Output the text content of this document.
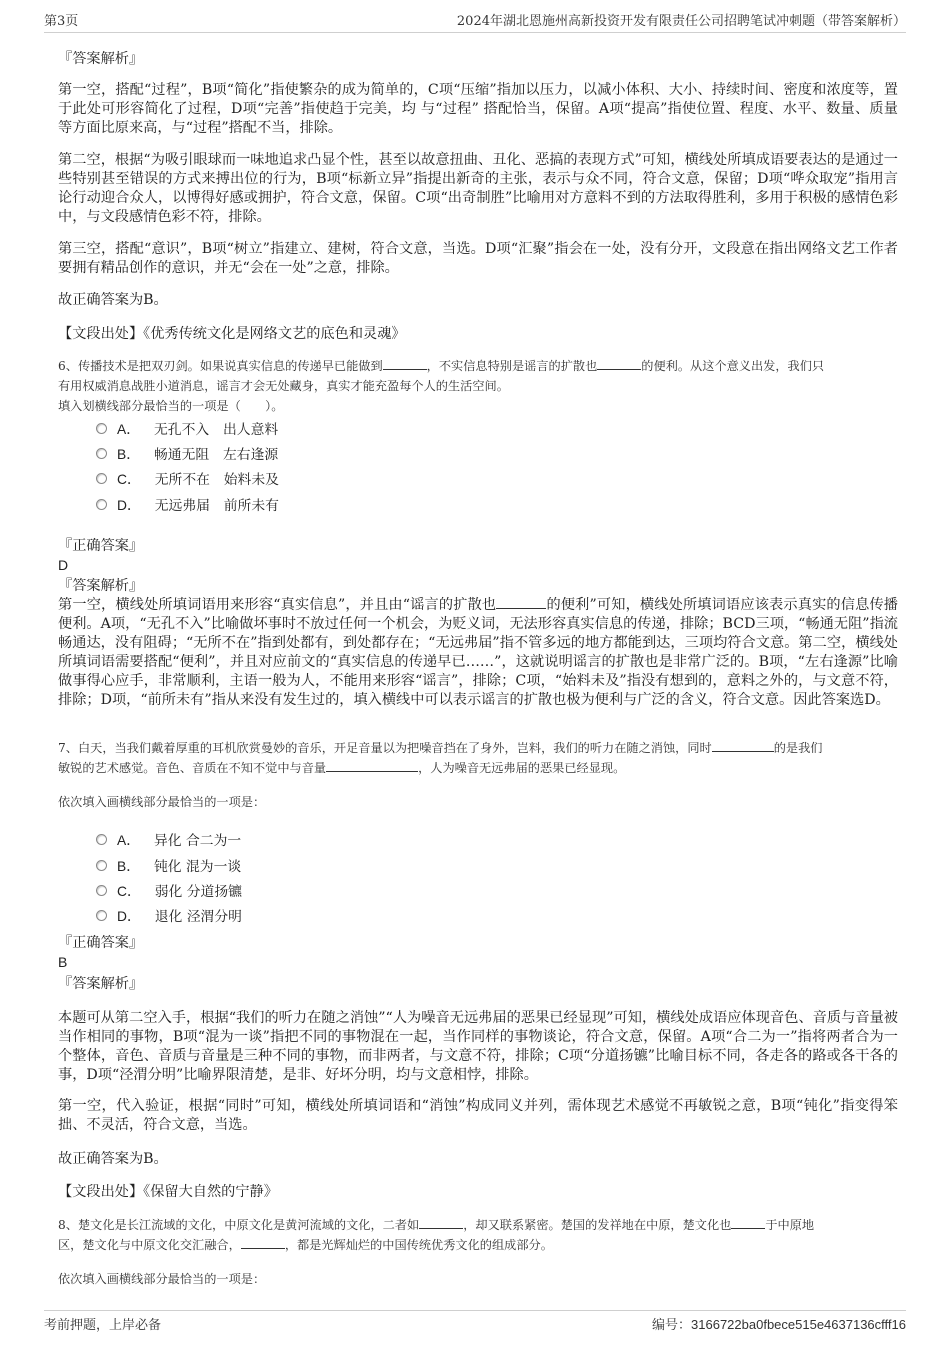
第3页	2024年湖北恩施州高新投资开发有限责任公司招聘笔试冲刺题（带答案解析）

『答案解析』

第一空，搭配“过程”，B项“简化”指使繁杂的成为简单的，C项“压缩”指加以压力，以减小体积、大小、持续时间、密度和浓度等，置于此处可形容简化了过程，D项“完善”指使趋于完美，均 与“过程” 搭配恰当，保留。A项“提高”指使位置、程度、水平、数量、质量等方面比原来高，与“过程”搭配不当，排除。

第二空，根据“为吸引眼球而一味地追求凸显个性，甚至以故意扭曲、丑化、恶搞的表现方式”可知，横线处所填成语要表达的是通过一些特别甚至错误的方式来搏出位的行为，B项“标新立异”指提出新奇的主张，表示与众不同，符合文意，保留；D项“哗众取宠”指用言论行动迎合众人，以博得好感或拥护，符合文意，保留。C项“出奇制胜”比喻用对方意料不到的方法取得胜利，多用于积极的感情色彩中，与文段感情色彩不符，排除。

第三空，搭配“意识”，B项“树立”指建立、建树，符合文意，当选。D项“汇聚”指会在一处，没有分开，文段意在指出网络文艺工作者要拥有精品创作的意识，并无“会在一处”之意，排除。

故正确答案为B。

【文段出处】《优秀传统文化是网络文艺的底色和灵魂》

6、传播技术是把双刃剑。如果说真实信息的传递早已能做到	，不实信息特别是谣言的扩散也	的便利。从这个意义出发，我们只
有用权威消息战胜小道消息，谣言才会无处藏身，真实才能充盈每个人的生活空间。

填入划横线部分最恰当的一项是（　　）。

A． 无孔不入　出人意料
B． 畅通无阻　左右逢源
C． 无所不在　始料未及
D． 无远弗届　前所未有

『正确答案』

D

『答案解析』

第一空，横线处所填词语用来形容“真实信息”，并且由“谣言的扩散也	的便利”可知，横线处所填词语应该表示真实的信息传播便利。A项，“无孔不入”比喻做坏事时不放过任何一个机会，为贬义词，无法形容真实信息的传递，排除；BCD三项，“畅通无阻”指流畅通达，没有阻碍；“无所不在”指到处都有，到处都存在；“无远弗届”指不管多远的地方都能到达，三项均符合文意。第二空，横线处所填词语需要搭配“便利”，并且对应前文的“真实信息的传递早已……”，这就说明谣言的扩散也是非常广泛的。B项，“左右逢源”比喻做事得心应手，非常顺利，主语一般为人，不能用来形容“谣言”，排除；C项，“始料未及”指没有想到的，意料之外的，与文意不符，排除；D项，“前所未有”指从来没有发生过的，填入横线中可以表示谣言的扩散也极为便利与广泛的含义，符合文意。因此答案选D。

7、白天，当我们戴着厚重的耳机欣赏曼妙的音乐，开足音量以为把噪音挡在了身外，岂料，我们的听力在随之消蚀，同时	的是我们
敏锐的艺术感觉。音色、音质在不知不觉中与音量	，人为噪音无远弗届的恶果已经显现。

依次填入画横线部分最恰当的一项是：

A． 异化 合二为一
B． 钝化 混为一谈
C． 弱化 分道扬镳
D． 退化 泾渭分明

『正确答案』

B

『答案解析』

本题可从第二空入手，根据“我们的听力在随之消蚀”“人为噪音无远弗届的恶果已经显现”可知，横线处成语应体现音色、音质与音量被当作相同的事物，B项“混为一谈”指把不同的事物混在一起，当作同样的事物谈论，符合文意，保留。A项“合二为一”指将两者合为一个整体，音色、音质与音量是三种不同的事物，而非两者，与文意不符，排除；C项“分道扬镳”比喻目标不同，各走各的路或各干各的事，D项“泾渭分明”比喻界限清楚，是非、好坏分明，均与文意相悖，排除。

第一空，代入验证，根据“同时”可知，横线处所填词语和“消蚀”构成同义并列，需体现艺术感觉不再敏锐之意，B项“钝化”指变得笨拙、不灵活，符合文意，当选。

故正确答案为B。

【文段出处】《保留大自然的宁静》

8、楚文化是长江流域的文化，中原文化是黄河流域的文化，二者如	，却又联系紧密。楚国的发祥地在中原，楚文化也	于中原地
区，楚文化与中原文化交汇融合，	，都是光辉灿烂的中国传统优秀文化的组成部分。

依次填入画横线部分最恰当的一项是：

考前押题，上岸必备	编号：3166722ba0fbece515e4637136cfff16
